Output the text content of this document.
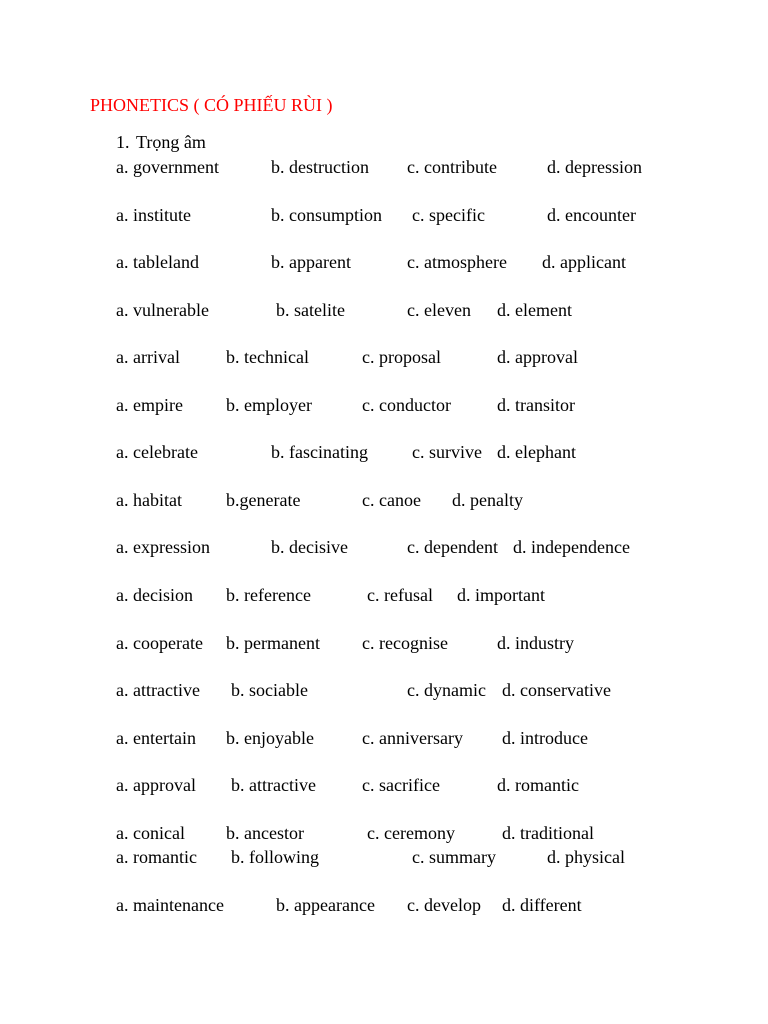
PHONETICS ( CÓ PHIẾU RÙI )
1. Trọng âm
a. government	b. destruction c. contribute	d. depression
a. institute	b. consumption c. specific	d. encounter
a. tableland	b. apparent	c. atmosphere d. applicant
a. vulnerable	b. satelite	c. eleven d. element
a. arrival	b. technical	c. proposal	d. approval
a. empire b. employer	c. conductor	d. transitor
a. celebrate	b. fascinating c. survive d. elephant
a. habitat b.generate	c. canoe d. penalty
a. expression	b. decisive	c. dependent d. independence
a. decision b. reference	c. refusal d. important
a. cooperate b. permanent c. recognise	d. industry
a. attractive b. sociable	c. dynamic d. conservative
a. entertain b. enjoyable	c. anniversary d. introduce
a. approval b. attractive	c. sacrifice	d. romantic
a. conical b. ancestor	c. ceremony	d. traditional
a. romantic b. following	c. summary	d. physical
a. maintenance	b. appearance c. develop d. different
